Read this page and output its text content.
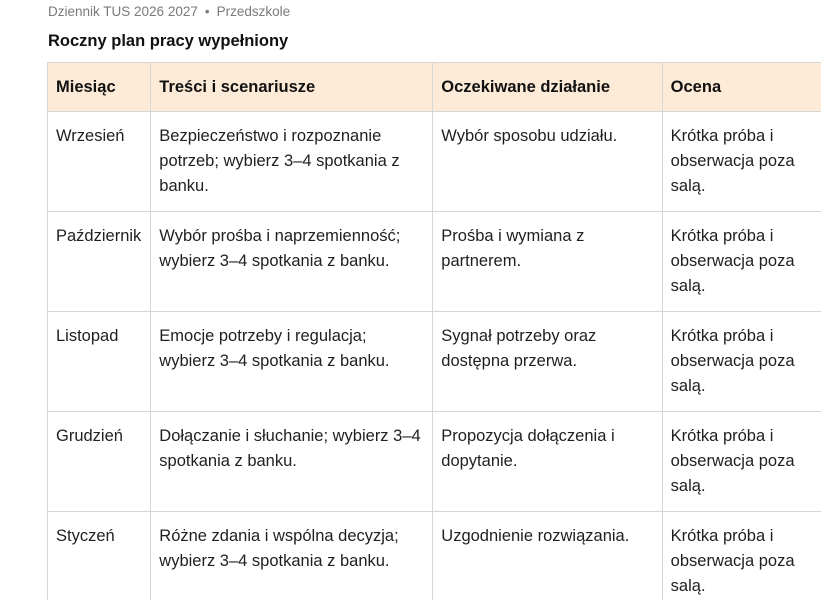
Dziennik TUS 2026 2027 • Przedszkole
Roczny plan pracy wypełniony
Miesiąc	Treści i scenariusze	Oczekiwane działanie	Ocena

Wrzesień	Bezpieczeństwo i rozpoznanie potrzeb; wybierz 3–4 spotkania z banku.	Wybór sposobu udziału.	Krótka próba i
obserwacja poza
salą.

Październik	Wybór prośba i naprzemienność; wybierz 3–4 spotkania z banku.	Prośba i wymiana z partnerem.	Krótka próba i
obserwacja poza
salą.

Listopad	Emocje potrzeby i regulacja; wybierz 3–4 spotkania z banku.	Sygnał potrzeby oraz dostępna przerwa.	Krótka próba i
obserwacja poza
salą.

Grudzień	Dołączanie i słuchanie; wybierz 3–4 spotkania z banku.	Propozycja dołączenia i dopytanie.	Krótka próba i
obserwacja poza
salą.

Styczeń	Różne zdania i wspólna decyzja; wybierz 3–4 spotkania z banku.	Uzgodnienie rozwiązania.	Krótka próba i
obserwacja poza
salą.
